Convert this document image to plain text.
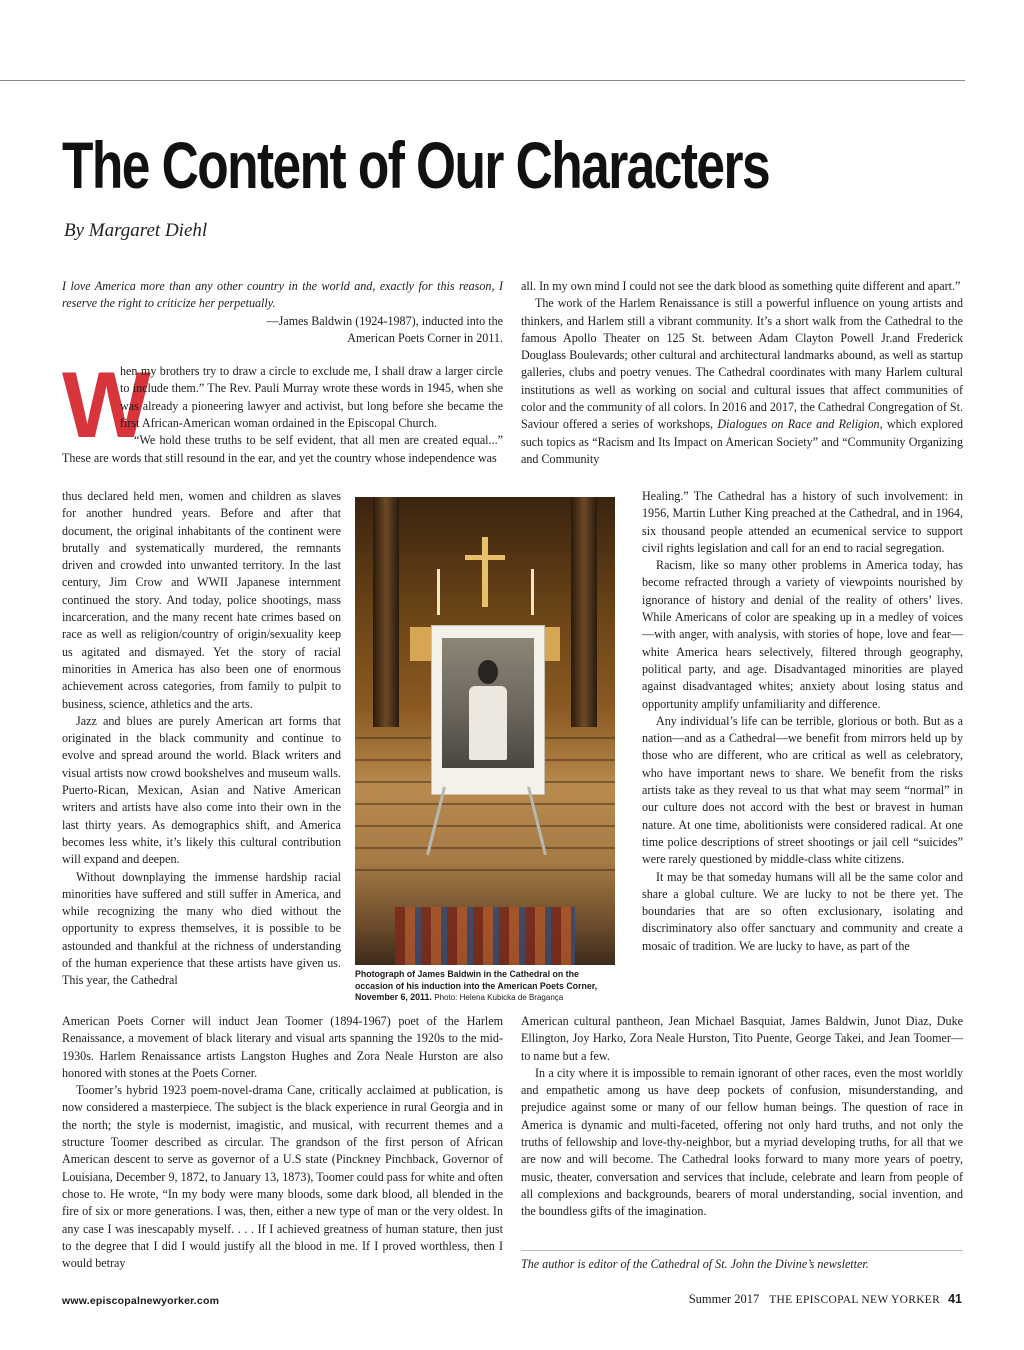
The Content of Our Characters
By Margaret Diehl

I love America more than any other country in the world and, exactly for this reason, I reserve the right to criticize her perpetually.

—James Baldwin (1924-1987), inducted into the

American Poets Corner in 2011.

W
hen my brothers try to draw a circle to exclude me, I shall draw a larger circle to include them.” The Rev. Pauli Murray wrote these words in 1945, when she was already a pioneering lawyer and activist, but long before she became the first African-American woman ordained in the Episcopal Church.

“We hold these truths to be self evident, that all men are created equal...” These are words that still resound in the ear, and yet the country whose independence was

thus declared held men, women and children as slaves for another hundred years. Before and after that document, the original inhabitants of the continent were brutally and systematically murdered, the remnants driven and crowded into unwanted territory. In the last century, Jim Crow and WWII Japanese internment continued the story. And today, police shootings, mass incarceration, and the many recent hate crimes based on race as well as religion/country of origin/sexuality keep us agitated and dismayed. Yet the story of racial minorities in America has also been one of enormous achievement across categories, from family to pulpit to business, science, athletics and the arts.

Jazz and blues are purely American art forms that originated in the black community and continue to evolve and spread around the world. Black writers and visual artists now crowd bookshelves and museum walls. Puerto-Rican, Mexican, Asian and Native American writers and artists have also come into their own in the last thirty years. As demographics shift, and America becomes less white, it’s likely this cultural contribution will expand and deepen.

Without downplaying the immense hardship racial minorities have suffered and still suffer in America, and while recognizing the many who died without the opportunity to express themselves, it is possible to be astounded and thankful at the richness of understanding of the human experience that these artists have given us. This year, the Cathedral

American Poets Corner will induct Jean Toomer (1894-1967) poet of the Harlem Renaissance, a movement of black literary and visual arts spanning the 1920s to the mid-1930s. Harlem Renaissance artists Langston Hughes and Zora Neale Hurston are also honored with stones at the Poets Corner.

Toomer’s hybrid 1923 poem-novel-drama Cane, critically acclaimed at publication, is now considered a masterpiece. The subject is the black experience in rural Georgia and in the north; the style is modernist, imagistic, and musical, with recurrent themes and a structure Toomer described as circular. The grandson of the first person of African American descent to serve as governor of a U.S state (Pinckney Pinchback, Governor of Louisiana, December 9, 1872, to January 13, 1873), Toomer could pass for white and often chose to. He wrote, “In my body were many bloods, some dark blood, all blended in the fire of six or more generations. I was, then, either a new type of man or the very oldest. In any case I was inescapably myself. . . . If I achieved greatness of human stature, then just to the degree that I did I would justify all the blood in me. If I proved worthless, then I would betray

Photograph of James Baldwin in the Cathedral on the occasion of his induction into the American Poets Corner, November 6, 2011. Photo: Helena Kubicka de Bragança

all. In my own mind I could not see the dark blood as something quite different and apart.”

The work of the Harlem Renaissance is still a powerful influence on young artists and thinkers, and Harlem still a vibrant community. It’s a short walk from the Cathedral to the famous Apollo Theater on 125 St. between Adam Clayton Powell Jr.and Frederick Douglass Boulevards; other cultural and architectural landmarks abound, as well as startup galleries, clubs and poetry venues. The Cathedral coordinates with many Harlem cultural institutions as well as working on social and cultural issues that affect communities of color and the community of all colors. In 2016 and 2017, the Cathedral Congregation of St. Saviour offered a series of workshops, Dialogues on Race and Religion, which explored such topics as “Racism and Its Impact on American Society” and “Community Organizing and Community

Healing.” The Cathedral has a history of such involvement: in 1956, Martin Luther King preached at the Cathedral, and in 1964, six thousand people attended an ecumenical service to support civil rights legislation and call for an end to racial segregation.

Racism, like so many other problems in America today, has become refracted through a variety of viewpoints nourished by ignorance of history and denial of the reality of others’ lives. While Americans of color are speaking up in a medley of voices—with anger, with analysis, with stories of hope, love and fear—white America hears selectively, filtered through geography, political party, and age. Disadvantaged minorities are played against disadvantaged whites; anxiety about losing status and opportunity amplify unfamiliarity and difference.

Any individual’s life can be terrible, glorious or both. But as a nation—and as a Cathedral—we benefit from mirrors held up by those who are different, who are critical as well as celebratory, who have important news to share. We benefit from the risks artists take as they reveal to us that what may seem “normal” in our culture does not accord with the best or bravest in human nature. At one time, abolitionists were considered radical. At one time police descriptions of street shootings or jail cell “suicides” were rarely questioned by middle-class white citizens.

It may be that someday humans will all be the same color and share a global culture. We are lucky to not be there yet. The boundaries that are so often exclusionary, isolating and discriminatory also offer sanctuary and community and create a mosaic of tradition. We are lucky to have, as part of the

American cultural pantheon, Jean Michael Basquiat, James Baldwin, Junot Diaz, Duke Ellington, Joy Harko, Zora Neale Hurston, Tito Puente, George Takei, and Jean Toomer—to name but a few.

In a city where it is impossible to remain ignorant of other races, even the most worldly and empathetic among us have deep pockets of confusion, misunderstanding, and prejudice against some or many of our fellow human beings. The question of race in America is dynamic and multi-faceted, offering not only hard truths, and not only the truths of fellowship and love-thy-neighbor, but a myriad developing truths, for all that we are now and will become. The Cathedral looks forward to many more years of poetry, music, theater, conversation and services that include, celebrate and learn from people of all complexions and backgrounds, bearers of moral understanding, social invention, and the boundless gifts of the imagination.

The author is editor of the Cathedral of St. John the Divine’s newsletter.
www.episcopalnewyorker.com	Summer 2017 THE EPISCOPAL NEW YORKER 41
